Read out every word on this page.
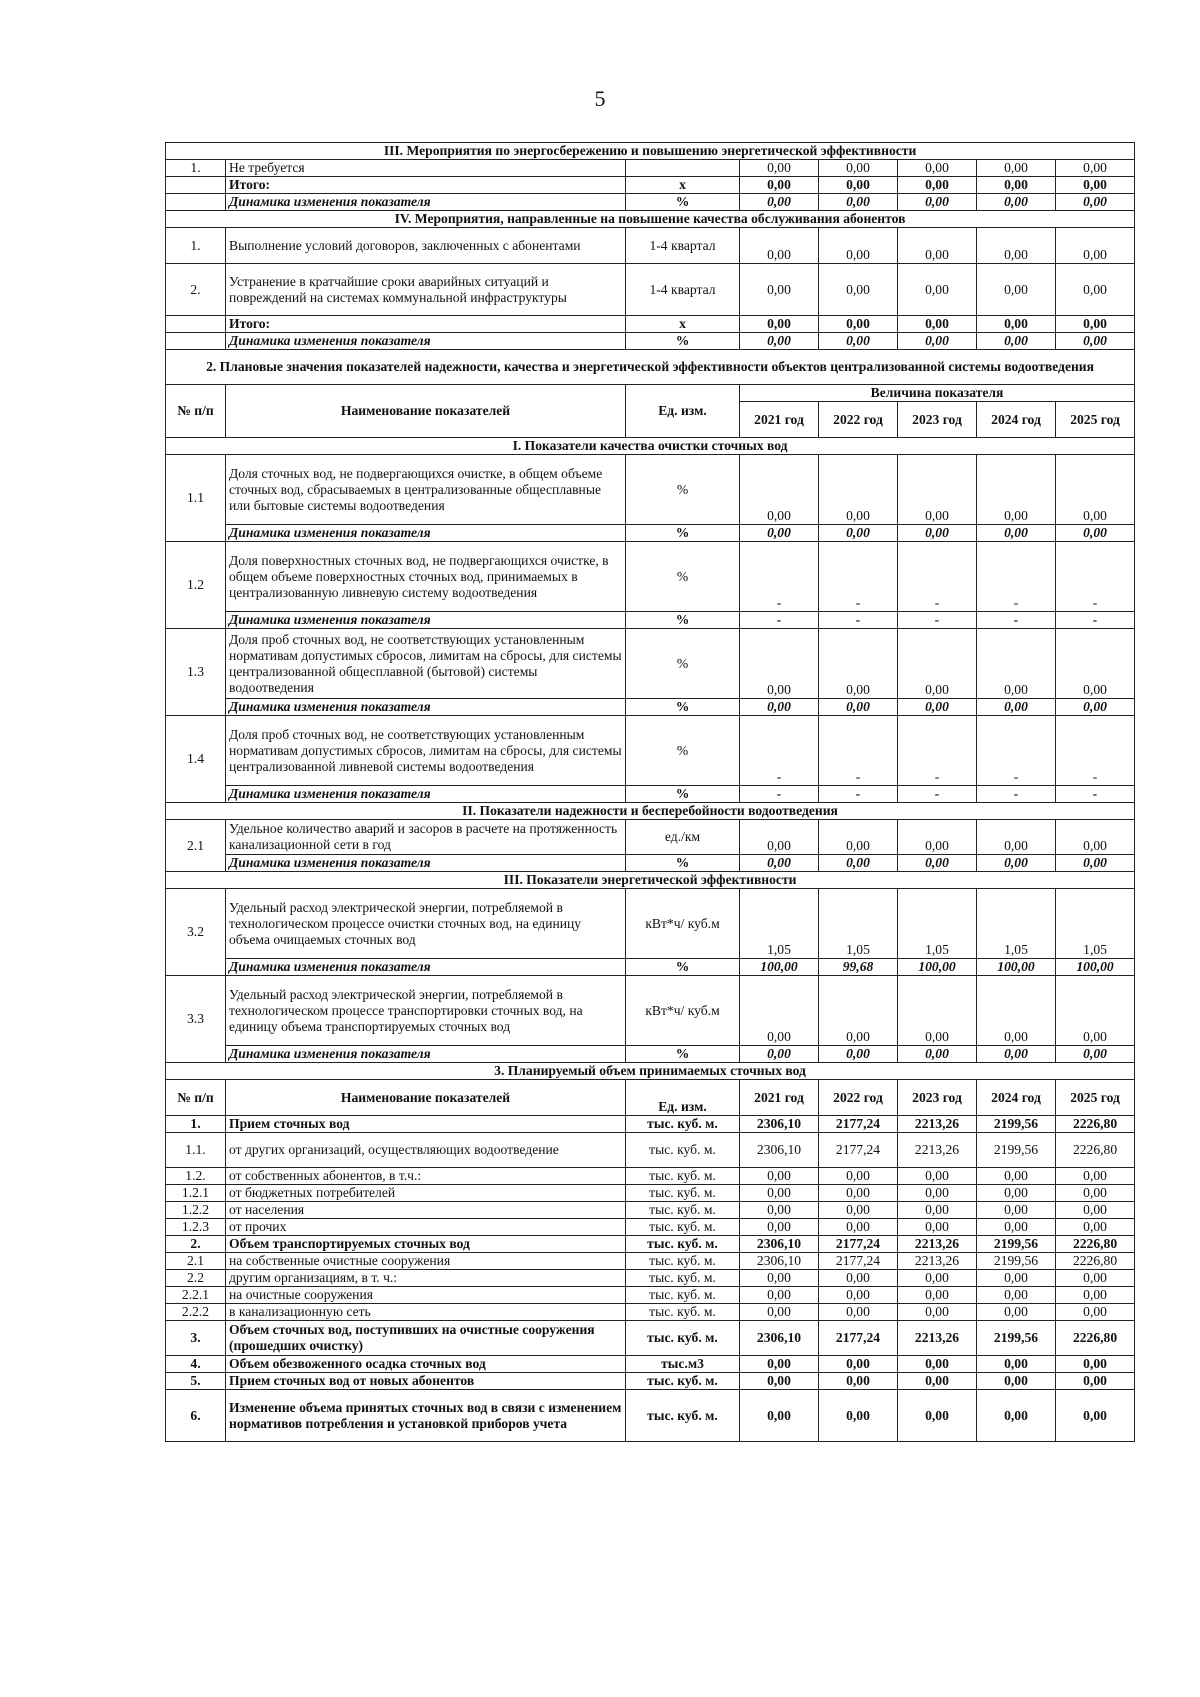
5
III. Мероприятия по энергосбережению и повышению энергетической эффективности							
1.	Не требуется		0,00	0,00	0,00	0,00	0,00
	Итого:	х	0,00	0,00	0,00	0,00	0,00
	Динамика изменения показателя	%	0,00	0,00	0,00	0,00	0,00
IV. Мероприятия, направленные на повышение качества обслуживания абонентов							
1.	Выполнение условий договоров, заключенных с абонентами	1-4 квартал	0,00	0,00	0,00	0,00	0,00
2.	Устранение в кратчайшие сроки аварийных ситуаций и повреждений на системах коммунальной инфраструктуры	1-4 квартал	0,00	0,00	0,00	0,00	0,00
	Итого:	х	0,00	0,00	0,00	0,00	0,00
	Динамика изменения показателя	%	0,00	0,00	0,00	0,00	0,00
2. Плановые значения показателей надежности, качества и энергетической эффективности объектов централизованной системы водоотведения							
№ п/п	Наименование показателей	Ед. изм.	Величина показателя				
			2021 год	2022 год	2023 год	2024 год	2025 год
I. Показатели качества очистки сточных вод							
1.1	Доля сточных вод, не подвергающихся очистке, в общем объеме сточных вод, сбрасываемых в централизованные общесплавные или бытовые системы водоотведения	%	0,00	0,00	0,00	0,00	0,00
	Динамика изменения показателя	%	0,00	0,00	0,00	0,00	0,00
1.2	Доля поверхностных сточных вод, не подвергающихся очистке, в общем объеме поверхностных сточных вод, принимаемых в централизованную ливневую систему водоотведения	%	-	-	-	-	-
	Динамика изменения показателя	%	-	-	-	-	-
1.3	Доля проб сточных вод, не соответствующих установленным нормативам допустимых сбросов, лимитам на сбросы, для системы централизованной общесплавной (бытовой) системы водоотведения	%	0,00	0,00	0,00	0,00	0,00
	Динамика изменения показателя	%	0,00	0,00	0,00	0,00	0,00
1.4	Доля проб сточных вод, не соответствующих установленным нормативам допустимых сбросов, лимитам на сбросы, для системы централизованной ливневой системы водоотведения	%	-	-	-	-	-
	Динамика изменения показателя	%	-	-	-	-	-
II. Показатели надежности и бесперебойности водоотведения							
2.1	Удельное количество аварий и засоров в расчете на протяженность канализационной сети в год	ед./км	0,00	0,00	0,00	0,00	0,00
	Динамика изменения показателя	%	0,00	0,00	0,00	0,00	0,00
III. Показатели энергетической эффективности							
3.2	Удельный расход электрической энергии, потребляемой в технологическом процессе очистки сточных вод, на единицу объема очищаемых сточных вод	кВт*ч/ куб.м	1,05	1,05	1,05	1,05	1,05
	Динамика изменения показателя	%	100,00	99,68	100,00	100,00	100,00
3.3	Удельный расход электрической энергии, потребляемой в технологическом процессе транспортировки сточных вод, на единицу объема транспортируемых сточных вод	кВт*ч/ куб.м	0,00	0,00	0,00	0,00	0,00
	Динамика изменения показателя	%	0,00	0,00	0,00	0,00	0,00
3. Планируемый объем принимаемых сточных вод							
№ п/п	Наименование показателей	Ед. изм.	2021 год	2022 год	2023 год	2024 год	2025 год

1.	Прием сточных вод	тыс. куб. м.	2306,10	2177,24	2213,26	2199,56	2226,80
1.1.	от других организаций, осуществляющих водоотведение	тыс. куб. м.	2306,10	2177,24	2213,26	2199,56	2226,80
1.2.	от собственных абонентов, в т.ч.:	тыс. куб. м.	0,00	0,00	0,00	0,00	0,00
1.2.1	от бюджетных потребителей	тыс. куб. м.	0,00	0,00	0,00	0,00	0,00
1.2.2	от населения	тыс. куб. м.	0,00	0,00	0,00	0,00	0,00
1.2.3	от прочих	тыс. куб. м.	0,00	0,00	0,00	0,00	0,00
2.	Объем транспортируемых сточных вод	тыс. куб. м.	2306,10	2177,24	2213,26	2199,56	2226,80
2.1	на собственные очистные сооружения	тыс. куб. м.	2306,10	2177,24	2213,26	2199,56	2226,80
2.2	другим организациям, в т. ч.:	тыс. куб. м.	0,00	0,00	0,00	0,00	0,00
2.2.1	на очистные сооружения	тыс. куб. м.	0,00	0,00	0,00	0,00	0,00
2.2.2	в канализационную сеть	тыс. куб. м.	0,00	0,00	0,00	0,00	0,00
3.	Объем сточных вод, поступивших на очистные сооружения (прошедших очистку)	тыс. куб. м.	2306,10	2177,24	2213,26	2199,56	2226,80
4.	Объем обезвоженного осадка сточных вод	тыс.м3	0,00	0,00	0,00	0,00	0,00
5.	Прием сточных вод от новых абонентов	тыс. куб. м.	0,00	0,00	0,00	0,00	0,00
6.	Изменение объема принятых сточных вод в связи с изменением нормативов потребления и установкой приборов учета	тыс. куб. м.	0,00	0,00	0,00	0,00	0,00
